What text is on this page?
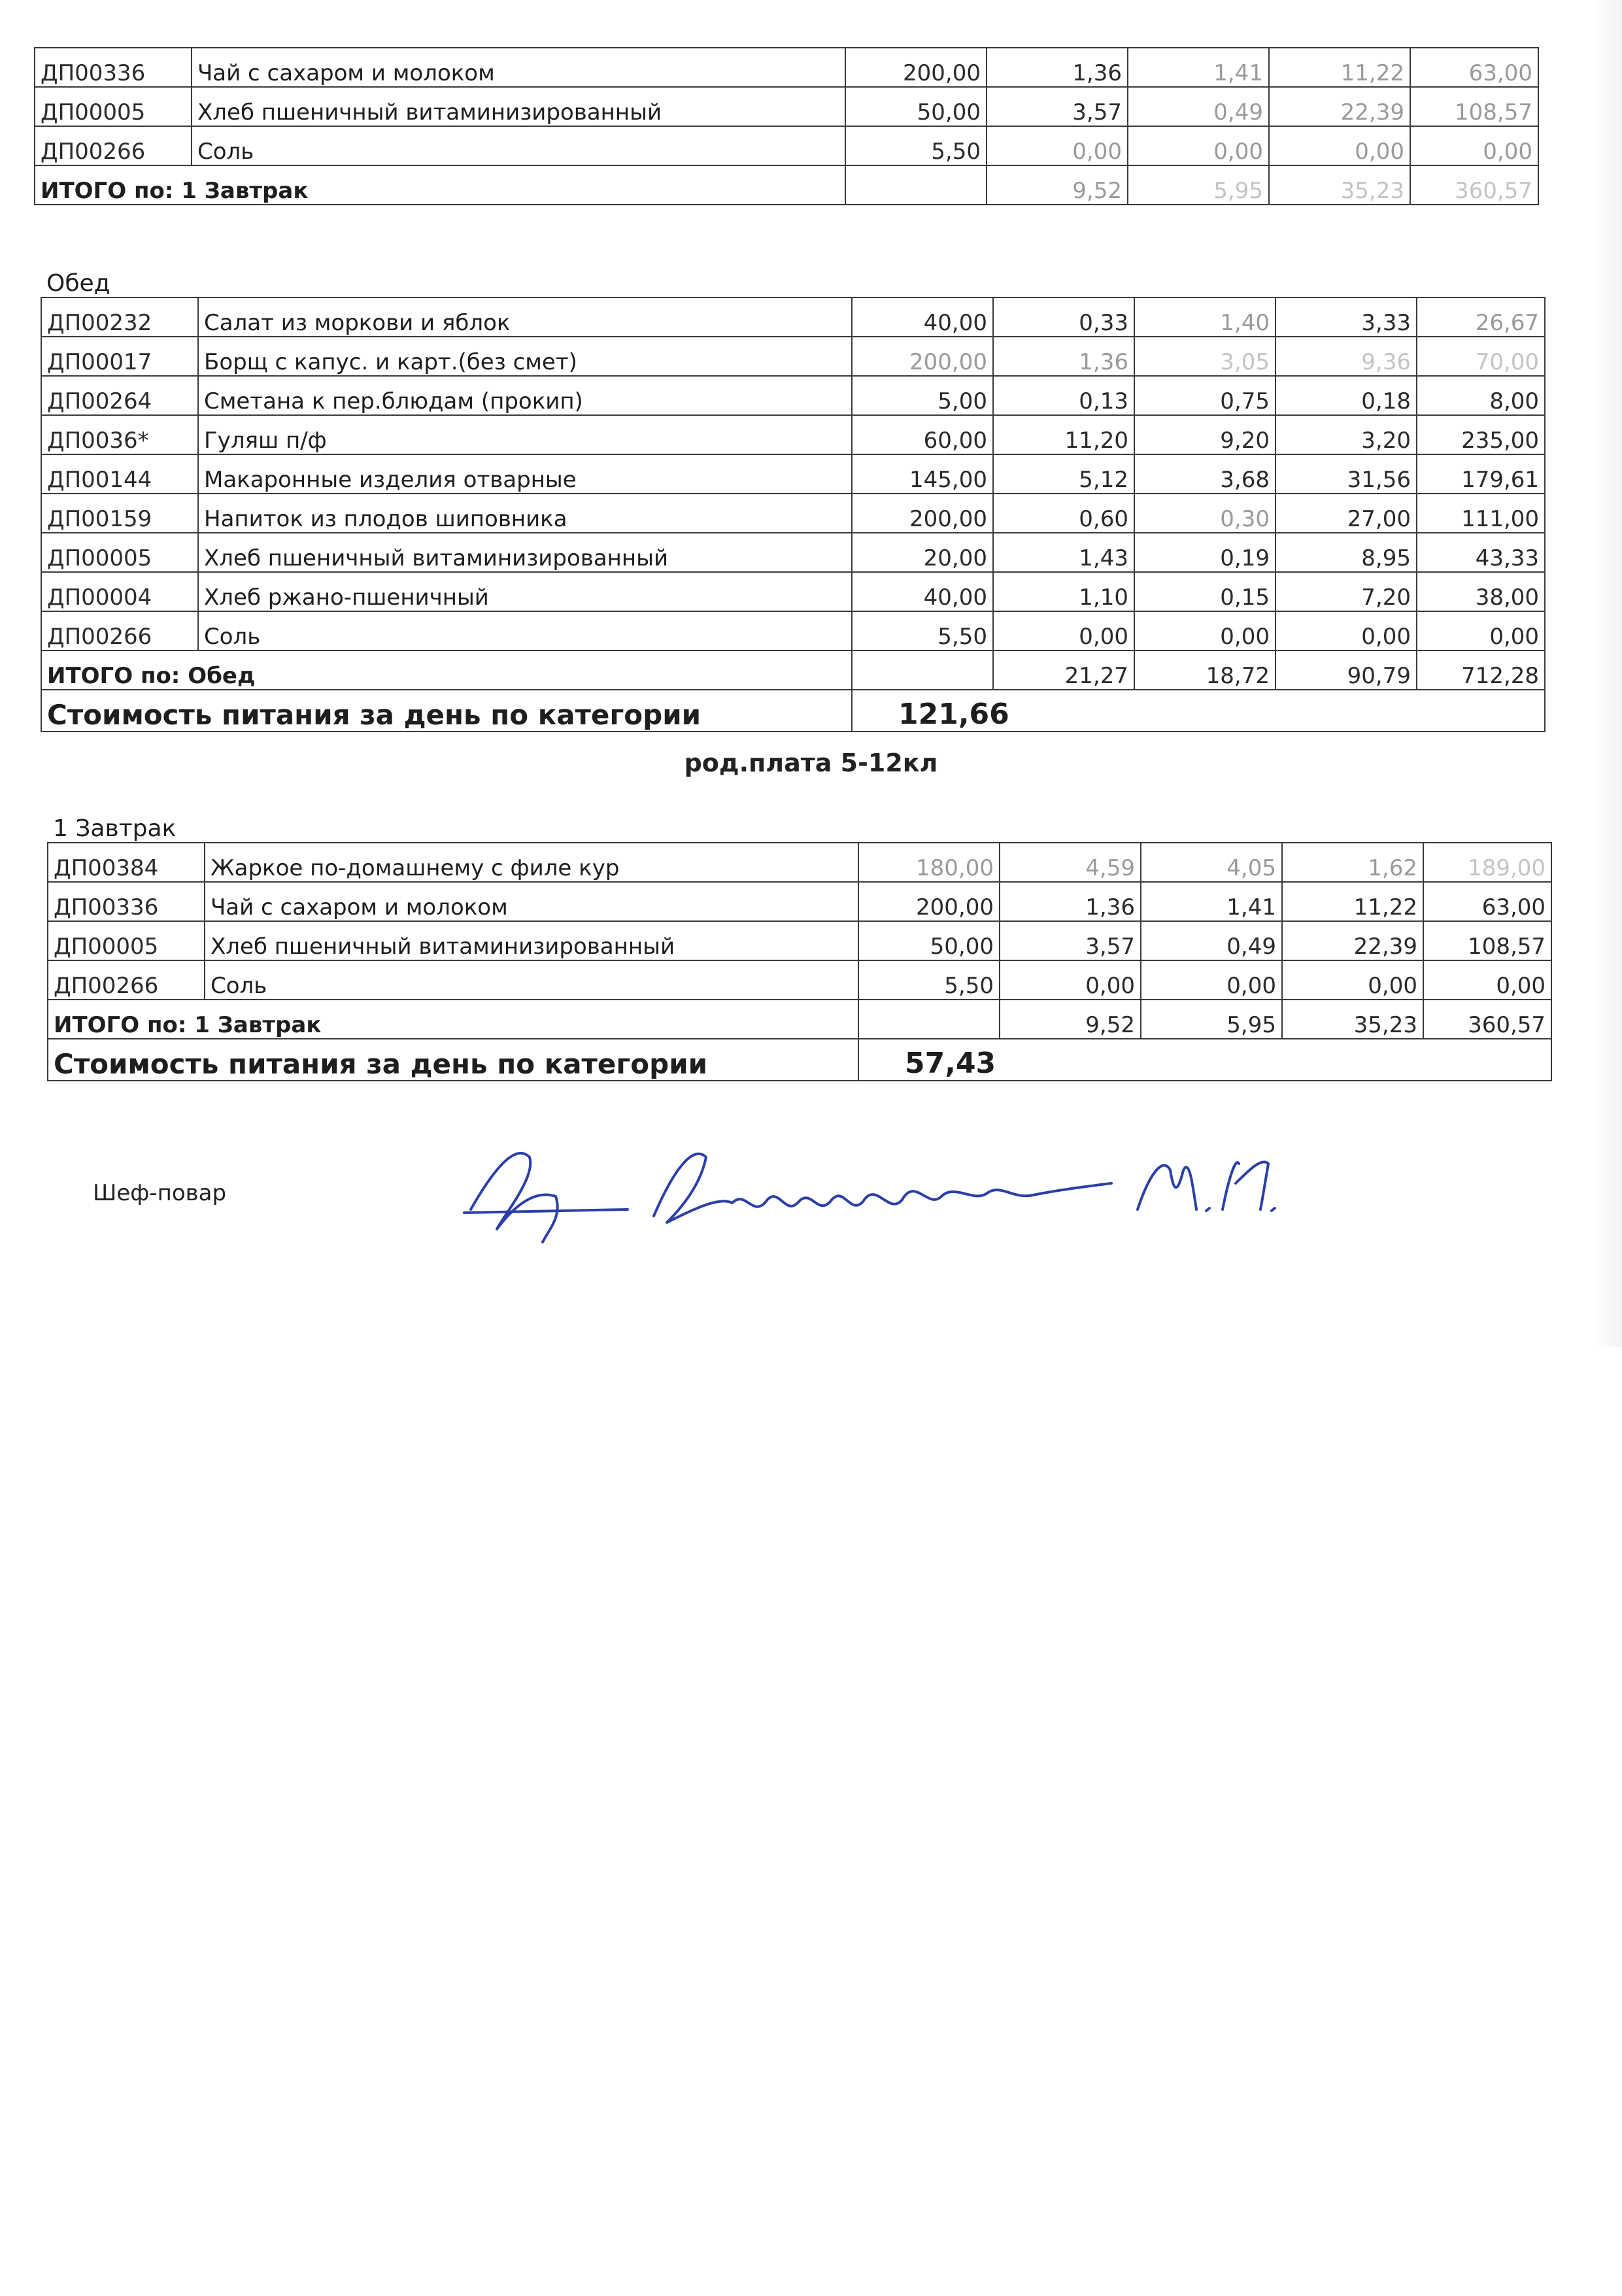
ДП00336	Чай с сахаром и молоком	200,00	1,36	1,41	11,22	63,00
ДП00005	Хлеб пшеничный витаминизированный	50,00	3,57	0,49	22,39	108,57
ДП00266	Соль	5,50	0,00	0,00	0,00	0,00
ИТОГО по: 1 Завтрак			9,52	5,95	35,23	360,57
Обед						
ДП00232	Салат из моркови и яблок	40,00	0,33	1,40	3,33	26,67
ДП00017	Борщ с капус. и карт.(без смет)	200,00	1,36	3,05	9,36	70,00
ДП00264	Сметана к пер.блюдам (прокип)	5,00	0,13	0,75	0,18	8,00
ДП0036*	Гуляш п/ф	60,00	11,20	9,20	3,20	235,00
ДП00144	Макаронные изделия отварные	145,00	5,12	3,68	31,56	179,61
ДП00159	Напиток из плодов шиповника	200,00	0,60	0,30	27,00	111,00
ДП00005	Хлеб пшеничный витаминизированный	20,00	1,43	0,19	8,95	43,33
ДП00004	Хлеб ржано-пшеничный	40,00	1,10	0,15	7,20	38,00
ДП00266	Соль	5,50	0,00	0,00	0,00	0,00
ИТОГО по: Обед			21,27	18,72	90,79	712,28
Стоимость питания за день по категории		121,66				
род.плата 5-12кл
1 Завтрак						
ДП00384	Жаркое по-домашнему с филе кур	180,00	4,59	4,05	1,62	189,00
ДП00336	Чай с сахаром и молоком	200,00	1,36	1,41	11,22	63,00
ДП00005	Хлеб пшеничный витаминизированный	50,00	3,57	0,49	22,39	108,57
ДП00266	Соль	5,50	0,00	0,00	0,00	0,00
ИТОГО по: 1 Завтрак			9,52	5,95	35,23	360,57
Стоимость питания за день по категории		57,43				
Шеф-повар
